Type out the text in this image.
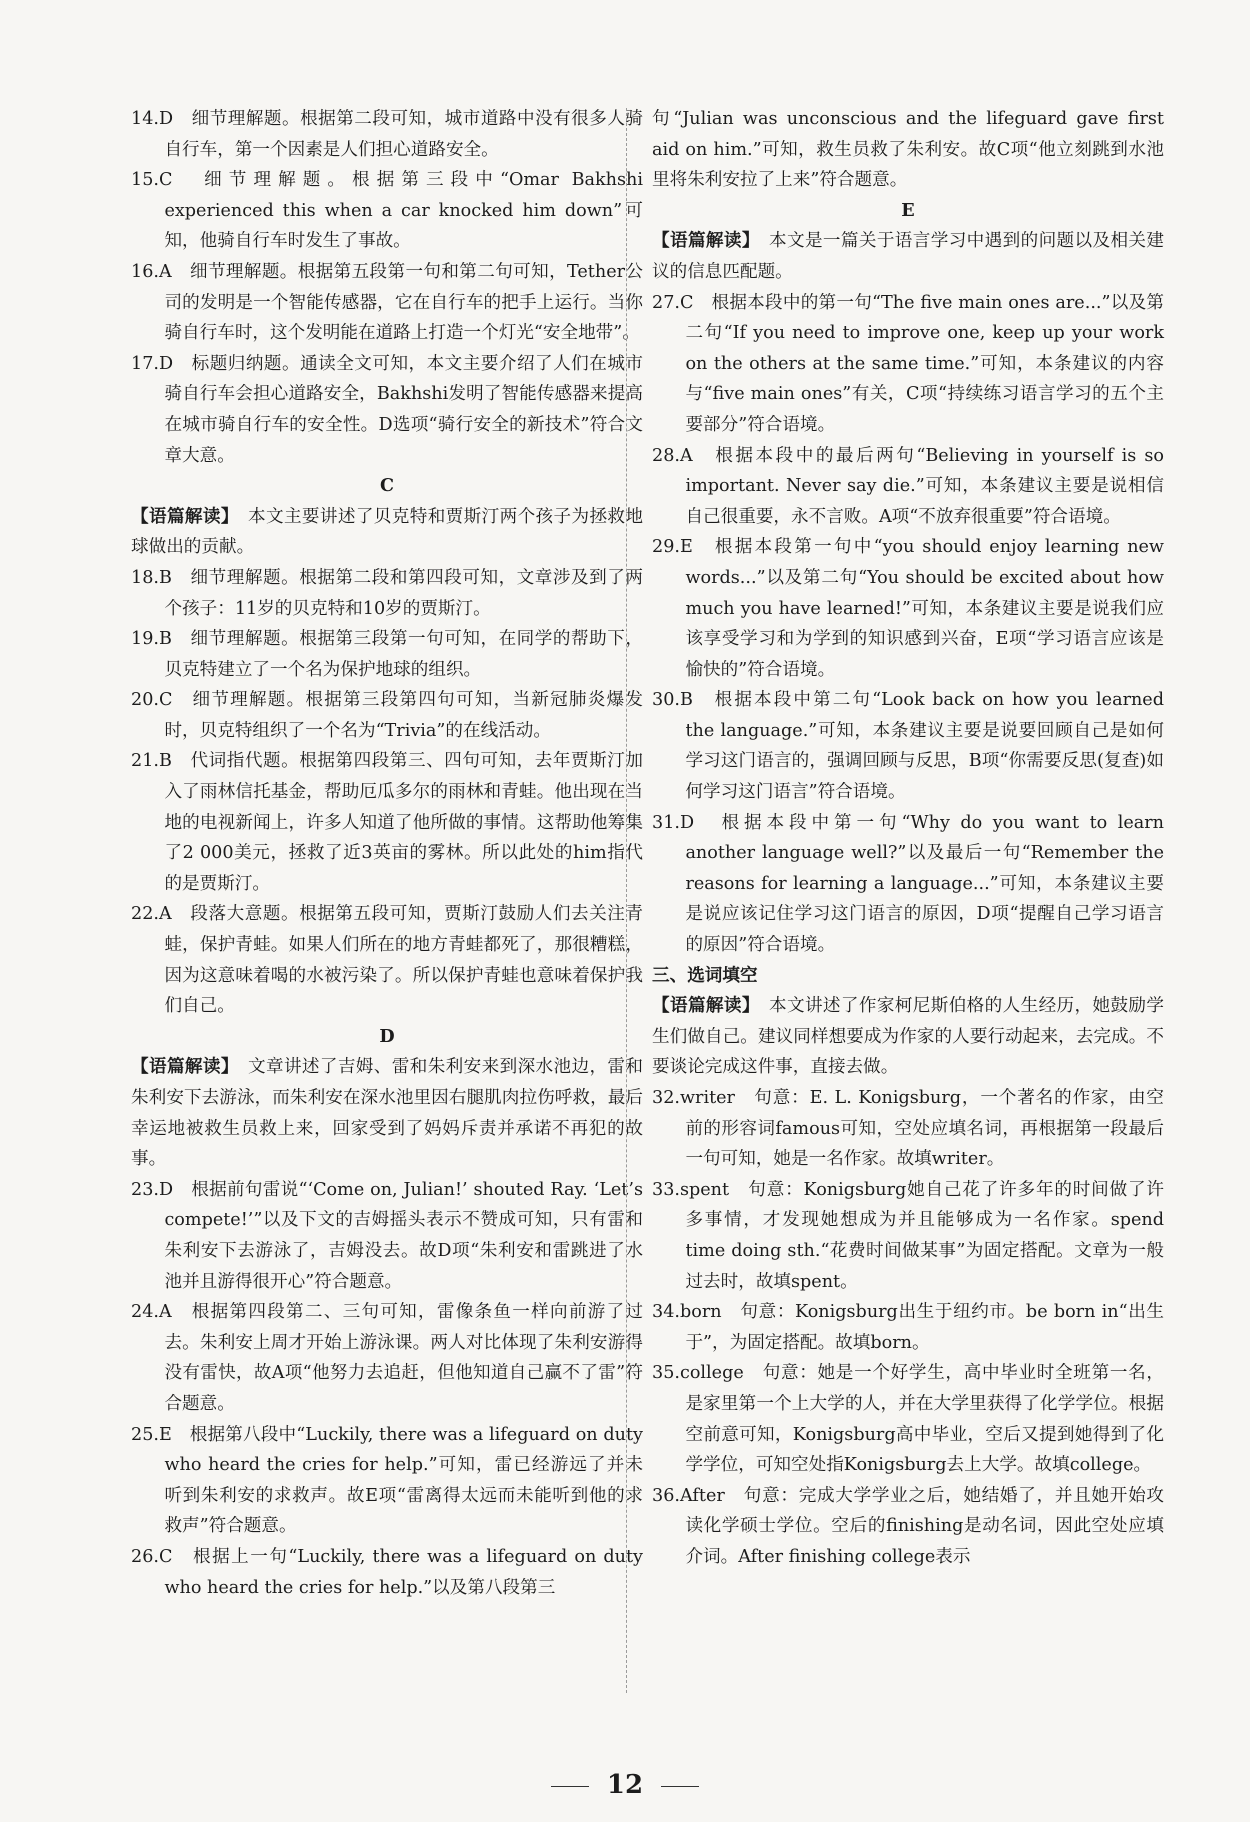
14.D　细节理解题。根据第二段可知，城市道路中没有很多人骑自行车，第一个因素是人们担心道路安全。
15.C　细节理解题。根据第三段中“Omar Bakhshi experienced this when a car knocked him down”可知，他骑自行车时发生了事故。
16.A　细节理解题。根据第五段第一句和第二句可知，Tether公司的发明是一个智能传感器，它在自行车的把手上运行。当你骑自行车时，这个发明能在道路上打造一个灯光“安全地带”。
17.D　标题归纳题。通读全文可知，本文主要介绍了人们在城市骑自行车会担心道路安全，Bakhshi发明了智能传感器来提高在城市骑自行车的安全性。D选项“骑行安全的新技术”符合文章大意。
C
【语篇解读】　本文主要讲述了贝克特和贾斯汀两个孩子为拯救地球做出的贡献。
18.B　细节理解题。根据第二段和第四段可知，文章涉及到了两个孩子：11岁的贝克特和10岁的贾斯汀。
19.B　细节理解题。根据第三段第一句可知，在同学的帮助下，贝克特建立了一个名为保护地球的组织。
20.C　细节理解题。根据第三段第四句可知，当新冠肺炎爆发时，贝克特组织了一个名为“Trivia”的在线活动。
21.B　代词指代题。根据第四段第三、四句可知，去年贾斯汀加入了雨林信托基金，帮助厄瓜多尔的雨林和青蛙。他出现在当地的电视新闻上，许多人知道了他所做的事情。这帮助他筹集了2 000美元，拯救了近3英亩的雾林。所以此处的him指代的是贾斯汀。
22.A　段落大意题。根据第五段可知，贾斯汀鼓励人们去关注青蛙，保护青蛙。如果人们所在的地方青蛙都死了，那很糟糕，因为这意味着喝的水被污染了。所以保护青蛙也意味着保护我们自己。
D
【语篇解读】　文章讲述了吉姆、雷和朱利安来到深水池边，雷和朱利安下去游泳，而朱利安在深水池里因右腿肌肉拉伤呼救，最后幸运地被救生员救上来，回家受到了妈妈斥责并承诺不再犯的故事。
23.D　根据前句雷说“‘Come on, Julian!’ shouted Ray. ‘Let’s compete!’”以及下文的吉姆摇头表示不赞成可知，只有雷和朱利安下去游泳了，吉姆没去。故D项“朱利安和雷跳进了水池并且游得很开心”符合题意。
24.A　根据第四段第二、三句可知，雷像条鱼一样向前游了过去。朱利安上周才开始上游泳课。两人对比体现了朱利安游得没有雷快，故A项“他努力去追赶，但他知道自己赢不了雷”符合题意。
25.E　根据第八段中“Luckily, there was a lifeguard on duty who heard the cries for help.”可知，雷已经游远了并未听到朱利安的求救声。故E项“雷离得太远而未能听到他的求救声”符合题意。
26.C　根据上一句“Luckily, there was a lifeguard on duty who heard the cries for help.”以及第八段第三
句“Julian was unconscious and the lifeguard gave first aid on him.”可知，救生员救了朱利安。故C项“他立刻跳到水池里将朱利安拉了上来”符合题意。
E
【语篇解读】　本文是一篇关于语言学习中遇到的问题以及相关建议的信息匹配题。
27.C　根据本段中的第一句“The five main ones are...”以及第二句“If you need to improve one, keep up your work on the others at the same time.”可知，本条建议的内容与“five main ones”有关，C项“持续练习语言学习的五个主要部分”符合语境。
28.A　根据本段中的最后两句“Believing in yourself is so important. Never say die.”可知，本条建议主要是说相信自己很重要，永不言败。A项“不放弃很重要”符合语境。
29.E　根据本段第一句中“you should enjoy learning new words...”以及第二句“You should be excited about how much you have learned!”可知，本条建议主要是说我们应该享受学习和为学到的知识感到兴奋，E项“学习语言应该是愉快的”符合语境。
30.B　根据本段中第二句“Look back on how you learned the language.”可知，本条建议主要是说要回顾自己是如何学习这门语言的，强调回顾与反思，B项“你需要反思(复查)如何学习这门语言”符合语境。
31.D　根据本段中第一句“Why do you want to learn another language well?”以及最后一句“Remember the reasons for learning a language...”可知，本条建议主要是说应该记住学习这门语言的原因，D项“提醒自己学习语言的原因”符合语境。
三、选词填空
【语篇解读】　本文讲述了作家柯尼斯伯格的人生经历，她鼓励学生们做自己。建议同样想要成为作家的人要行动起来，去完成。不要谈论完成这件事，直接去做。
32.writer　句意：E. L. Konigsburg，一个著名的作家，由空前的形容词famous可知，空处应填名词，再根据第一段最后一句可知，她是一名作家。故填writer。
33.spent　句意：Konigsburg她自己花了许多年的时间做了许多事情，才发现她想成为并且能够成为一名作家。spend time doing sth.“花费时间做某事”为固定搭配。文章为一般过去时，故填spent。
34.born　句意：Konigsburg出生于纽约市。be born in“出生于”，为固定搭配。故填born。
35.college　句意：她是一个好学生，高中毕业时全班第一名，是家里第一个上大学的人，并在大学里获得了化学学位。根据空前意可知，Konigsburg高中毕业，空后又提到她得到了化学学位，可知空处指Konigsburg去上大学。故填college。
36.After　句意：完成大学学业之后，她结婚了，并且她开始攻读化学硕士学位。空后的finishing是动名词，因此空处应填介词。After finishing college表示
12
